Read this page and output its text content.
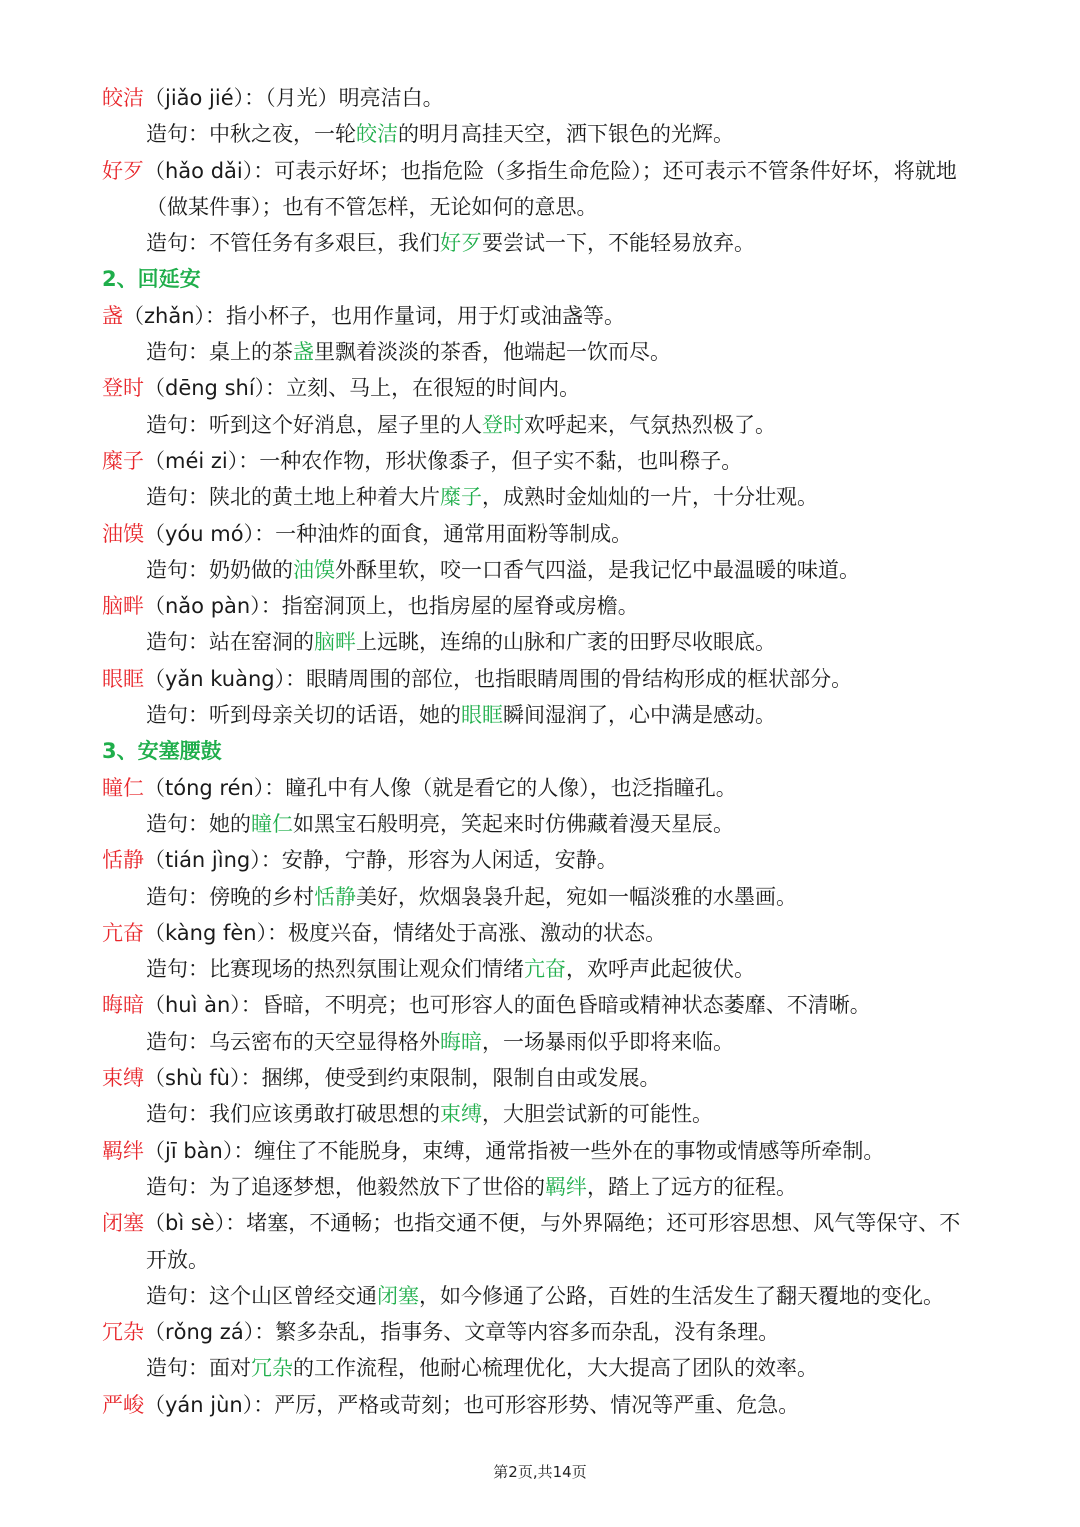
皎洁（jiǎo jié）：（月光）明亮洁白。
造句：中秋之夜，一轮皎洁的明月高挂天空，洒下银色的光辉。
好歹（hǎo dǎi）：可表示好坏；也指危险（多指生命危险）；还可表示不管条件好坏，将就地
（做某件事）；也有不管怎样，无论如何的意思。
造句：不管任务有多艰巨，我们好歹要尝试一下，不能轻易放弃。
2、回延安
盏（zhǎn）：指小杯子，也用作量词，用于灯或油盏等。
造句：桌上的茶盏里飘着淡淡的茶香，他端起一饮而尽。
登时（dēng shí）：立刻、马上，在很短的时间内。
造句：听到这个好消息，屋子里的人登时欢呼起来，气氛热烈极了。
糜子（méi zi）：一种农作物，形状像黍子，但子实不黏，也叫穄子。
造句：陕北的黄土地上种着大片糜子，成熟时金灿灿的一片，十分壮观。
油馍（yóu mó）：一种油炸的面食，通常用面粉等制成。
造句：奶奶做的油馍外酥里软，咬一口香气四溢，是我记忆中最温暖的味道。
脑畔（nǎo pàn）：指窑洞顶上，也指房屋的屋脊或房檐。
造句：站在窑洞的脑畔上远眺，连绵的山脉和广袤的田野尽收眼底。
眼眶（yǎn kuàng）：眼睛周围的部位，也指眼睛周围的骨结构形成的框状部分。
造句：听到母亲关切的话语，她的眼眶瞬间湿润了，心中满是感动。
3、安塞腰鼓
瞳仁（tóng rén）：瞳孔中有人像（就是看它的人像），也泛指瞳孔。
造句：她的瞳仁如黑宝石般明亮，笑起来时仿佛藏着漫天星辰。
恬静（tián jìng）：安静，宁静，形容为人闲适，安静。
造句：傍晚的乡村恬静美好，炊烟袅袅升起，宛如一幅淡雅的水墨画。
亢奋（kàng fèn）：极度兴奋，情绪处于高涨、激动的状态。
造句：比赛现场的热烈氛围让观众们情绪亢奋，欢呼声此起彼伏。
晦暗（huì àn）：昏暗，不明亮；也可形容人的面色昏暗或精神状态萎靡、不清晰。
造句：乌云密布的天空显得格外晦暗，一场暴雨似乎即将来临。
束缚（shù fù）：捆绑，使受到约束限制，限制自由或发展。
造句：我们应该勇敢打破思想的束缚，大胆尝试新的可能性。
羁绊（jī bàn）：缠住了不能脱身，束缚，通常指被一些外在的事物或情感等所牵制。
造句：为了追逐梦想，他毅然放下了世俗的羁绊，踏上了远方的征程。
闭塞（bì sè）：堵塞，不通畅；也指交通不便，与外界隔绝；还可形容思想、风气等保守、不
开放。
造句：这个山区曾经交通闭塞，如今修通了公路，百姓的生活发生了翻天覆地的变化。
冗杂（rǒng zá）：繁多杂乱，指事务、文章等内容多而杂乱，没有条理。
造句：面对冗杂的工作流程，他耐心梳理优化，大大提高了团队的效率。
严峻（yán jùn）：严厉，严格或苛刻；也可形容形势、情况等严重、危急。
第2页,共14页
